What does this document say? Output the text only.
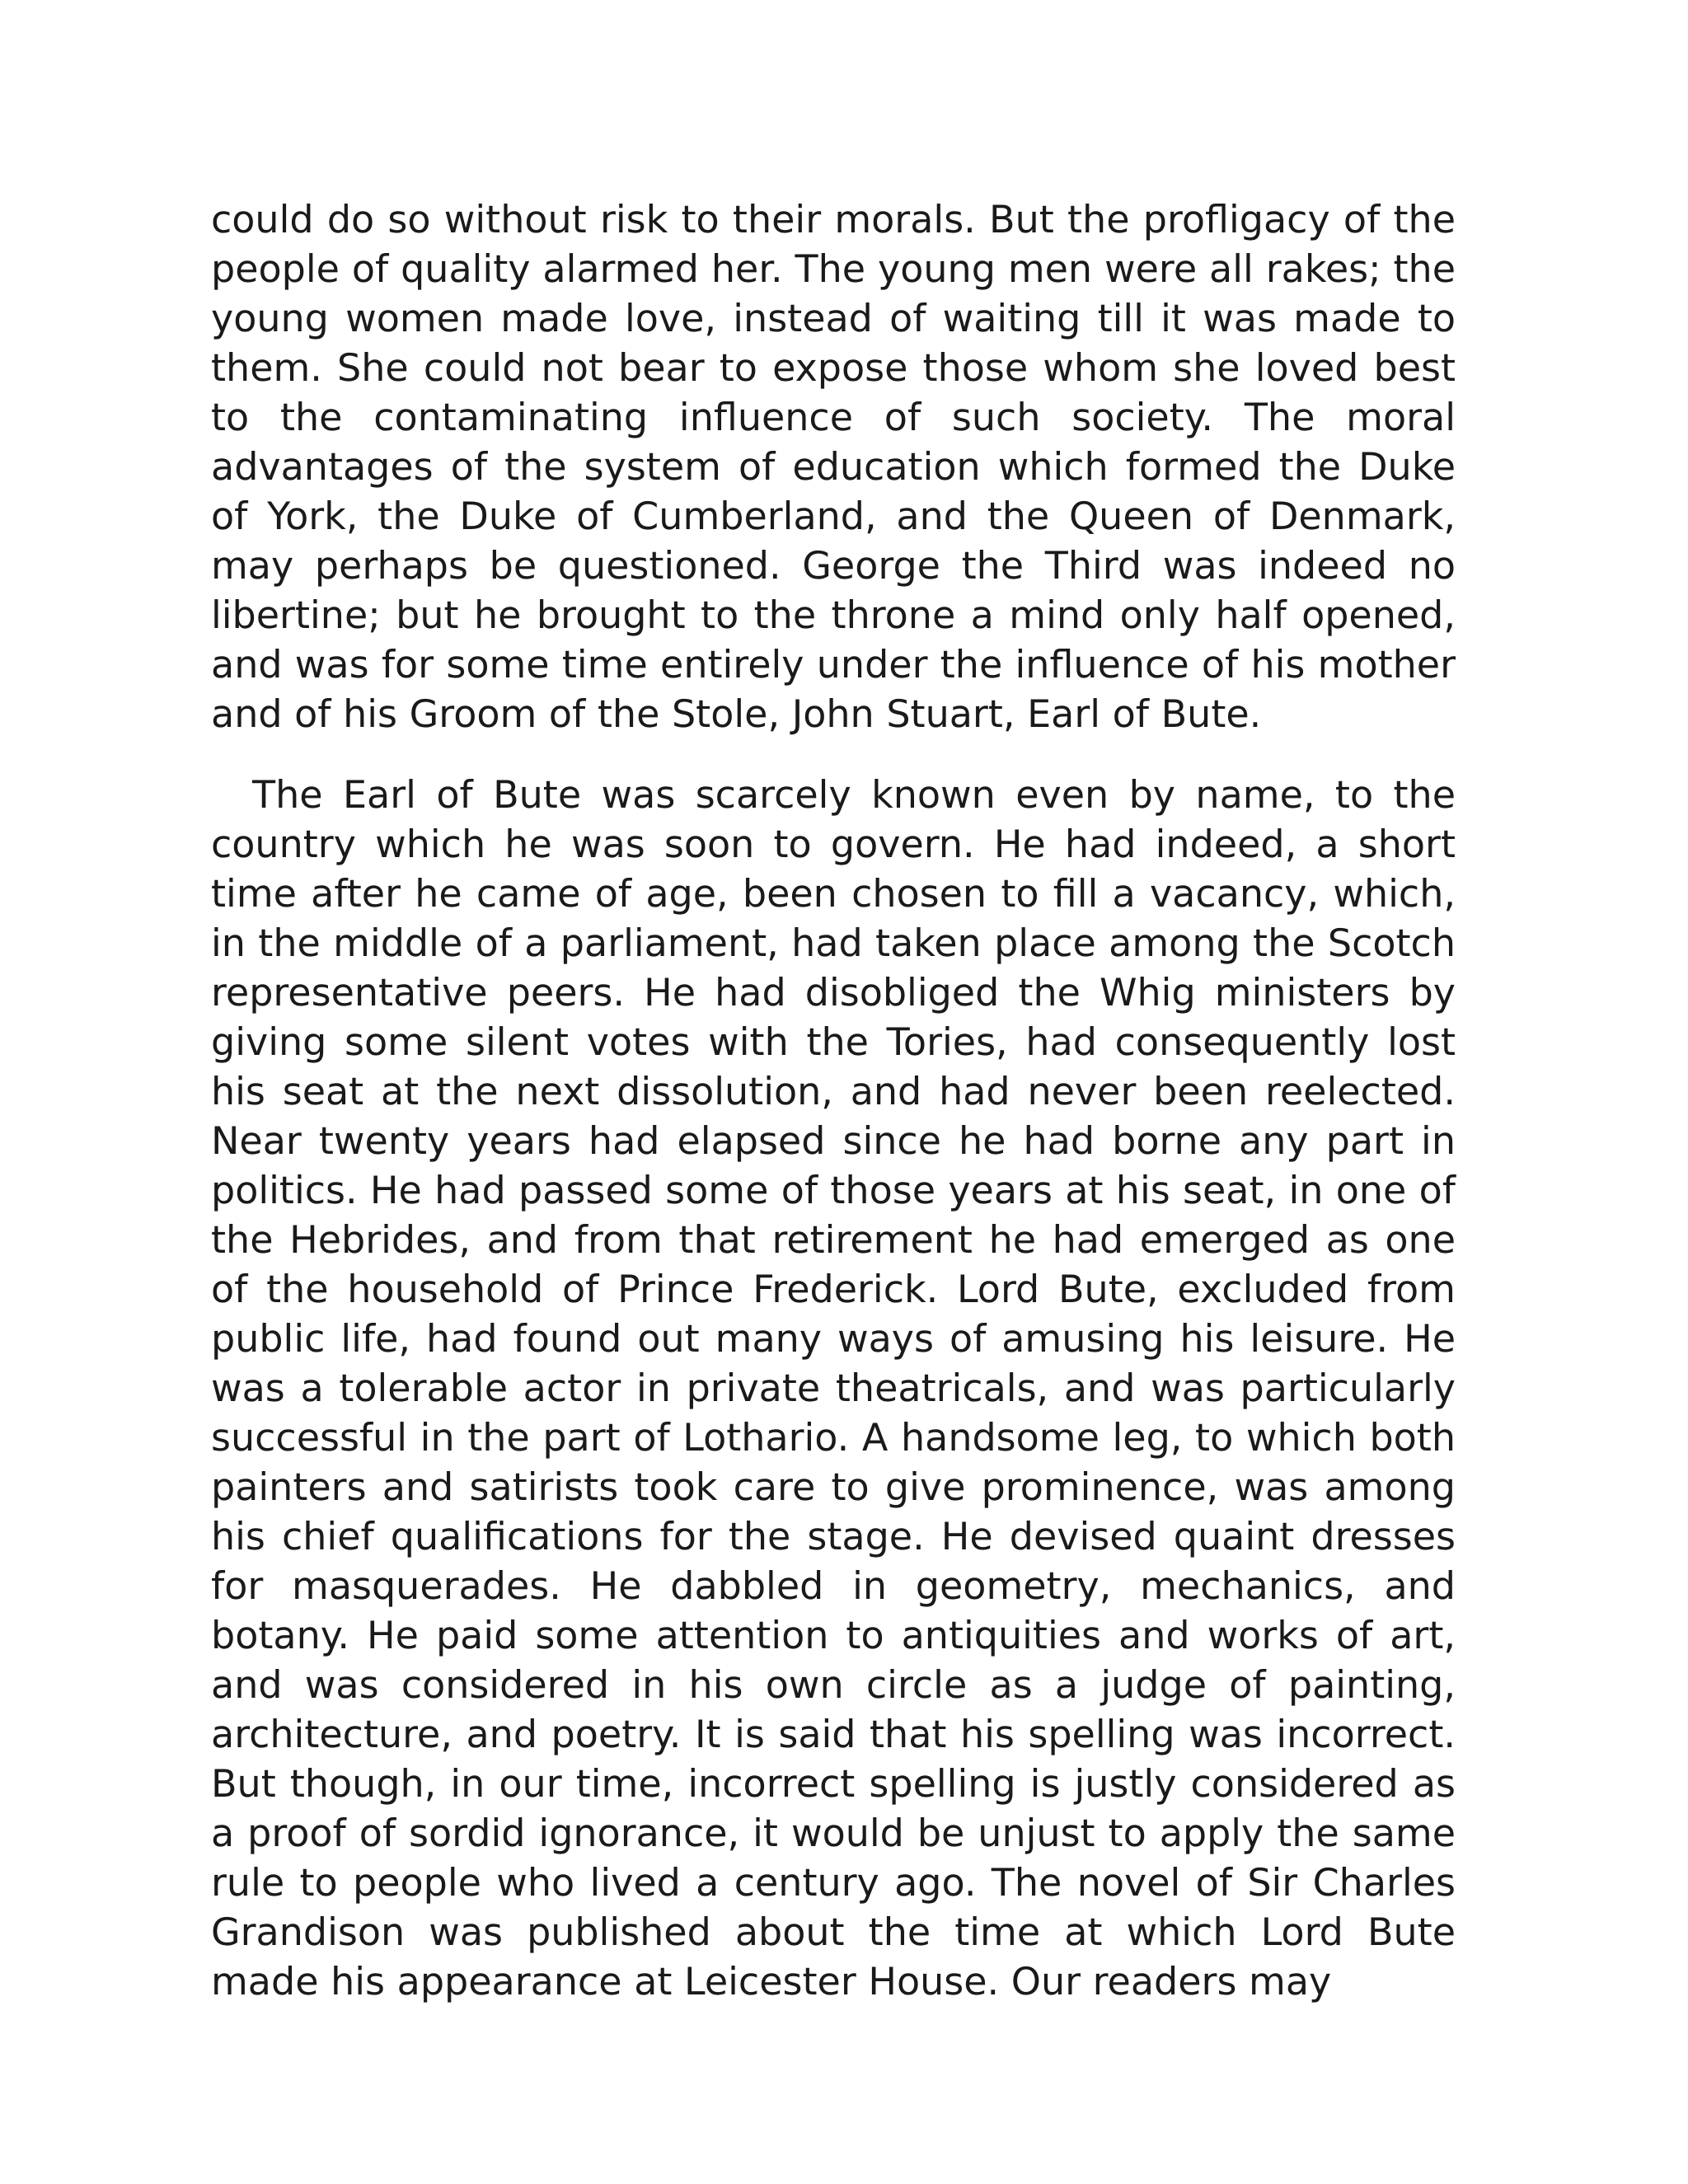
could do so without risk to their morals. But the profligacy of the people of quality alarmed her. The young men were all rakes; the young women made love, instead of waiting till it was made to them. She could not bear to expose those whom she loved best to the contaminating influence of such society. The moral advantages of the system of education which formed the Duke of York, the Duke of Cumberland, and the Queen of Denmark, may perhaps be questioned. George the Third was indeed no libertine; but he brought to the throne a mind only half opened, and was for some time entirely under the influence of his mother and of his Groom of the Stole, John Stuart, Earl of Bute.

The Earl of Bute was scarcely known even by name, to the country which he was soon to govern. He had indeed, a short time after he came of age, been chosen to fill a vacancy, which, in the middle of a parliament, had taken place among the Scotch representative peers. He had disobliged the Whig ministers by giving some silent votes with the Tories, had consequently lost his seat at the next dissolution, and had never been reelected. Near twenty years had elapsed since he had borne any part in politics. He had passed some of those years at his seat, in one of the Hebrides, and from that retirement he had emerged as one of the household of Prince Frederick. Lord Bute, excluded from public life, had found out many ways of amusing his leisure. He was a tolerable actor in private theatricals, and was particularly successful in the part of Lothario. A handsome leg, to which both painters and satirists took care to give prominence, was among his chief qualifications for the stage. He devised quaint dresses for masquerades. He dabbled in geometry, mechanics, and botany. He paid some attention to antiquities and works of art, and was considered in his own circle as a judge of painting, architecture, and poetry. It is said that his spelling was incorrect. But though, in our time, incorrect spelling is justly considered as a proof of sordid ignorance, it would be unjust to apply the same rule to people who lived a century ago. The novel of Sir Charles Grandison was published about the time at which Lord Bute made his appearance at Leicester House. Our readers may
